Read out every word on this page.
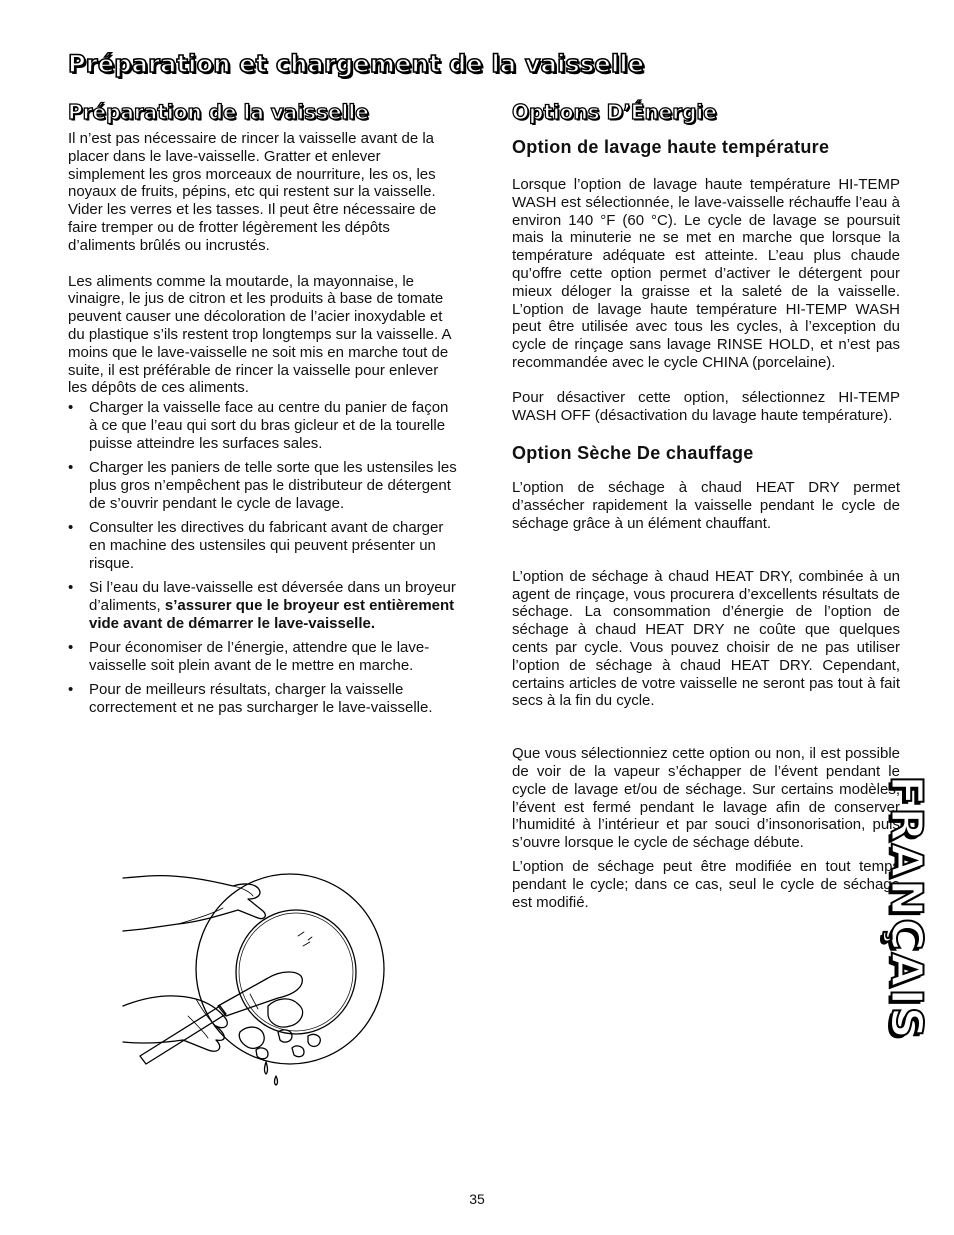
Préparation et chargement de la vaisselle
Préparation de la vaisselle

Il n’est pas nécessaire de rincer la vaisselle avant de la placer dans le lave-vaisselle. Gratter et enlever simplement les gros morceaux de nourriture, les os, les noyaux de fruits, pépins, etc qui restent sur la vaisselle. Vider les verres et les tasses. Il peut être nécessaire de faire tremper ou de frotter légèrement les dépôts d’aliments brûlés ou incrustés.

Les aliments comme la moutarde, la mayonnaise, le vinaigre, le jus de citron et les produits à base de tomate peuvent causer une décoloration de l’acier inoxydable et du plastique s’ils restent trop longtemps sur la vaisselle. A moins que le lave-vaisselle ne soit mis en marche tout de suite, il est préférable de rincer la vaisselle pour enlever les dépôts de ces aliments.

• Charger la vaisselle face au centre du panier de façon à ce que l’eau qui sort du bras gicleur et de la tourelle puisse atteindre les surfaces sales.
• Charger les paniers de telle sorte que les ustensiles les plus gros n’empêchent pas le distributeur de détergent de s’ouvrir pendant le cycle de lavage.
• Consulter les directives du fabricant avant de charger en machine des ustensiles qui peuvent présenter un risque.
• Si l’eau du lave-vaisselle est déversée dans un broyeur d’aliments, s’assurer que le broyeur est entièrement vide avant de démarrer le lave-vaisselle.
• Pour économiser de l’énergie, attendre que le lave-vaisselle soit plein avant de le mettre en marche.
• Pour de meilleurs résultats, charger la vaisselle correctement et ne pas surcharger le lave-vaisselle.
Options D’Énergie
Option de lavage haute température

Lorsque l’option de lavage haute température HI-TEMP WASH est sélectionnée, le lave-vaisselle réchauffe l’eau à environ 140 °F (60 °C). Le cycle de lavage se poursuit mais la minuterie ne se met en marche que lorsque la température adéquate est atteinte. L’eau plus chaude qu’offre cette option permet d’activer le détergent pour mieux déloger la graisse et la saleté de la vaisselle. L’option de lavage haute température HI-TEMP WASH peut être utilisée avec tous les cycles, à l’exception du cycle de rinçage sans lavage RINSE HOLD, et n’est pas recommandée avec le cycle CHINA (porcelaine).

Pour désactiver cette option, sélectionnez HI-TEMP WASH OFF (désactivation du lavage haute température).

Option Sèche De chauffage

L’option de séchage à chaud HEAT DRY permet d’assécher rapidement la vaisselle pendant le cycle de séchage grâce à un élément chauffant.

L’option de séchage à chaud HEAT DRY, combinée à un agent de rinçage, vous procurera d’excellents résultats de séchage. La consommation d’énergie de l’option de séchage à chaud HEAT DRY ne coûte que quelques cents par cycle. Vous pouvez choisir de ne pas utiliser l’option de séchage à chaud HEAT DRY. Cependant, certains articles de votre vaisselle ne seront pas tout à fait secs à la fin du cycle.

Que vous sélectionniez cette option ou non, il est possible de voir de la vapeur s’échapper de l’évent pendant le cycle de lavage et/ou de séchage. Sur certains modèles, l’évent est fermé pendant le lavage afin de conserver l’humidité à l’intérieur et par souci d’insonorisation, puis s’ouvre lorsque le cycle de séchage débute.

L’option de séchage peut être modifiée en tout temps pendant le cycle; dans ce cas, seul le cycle de séchage est modifié.	FRANÇAIS
35
